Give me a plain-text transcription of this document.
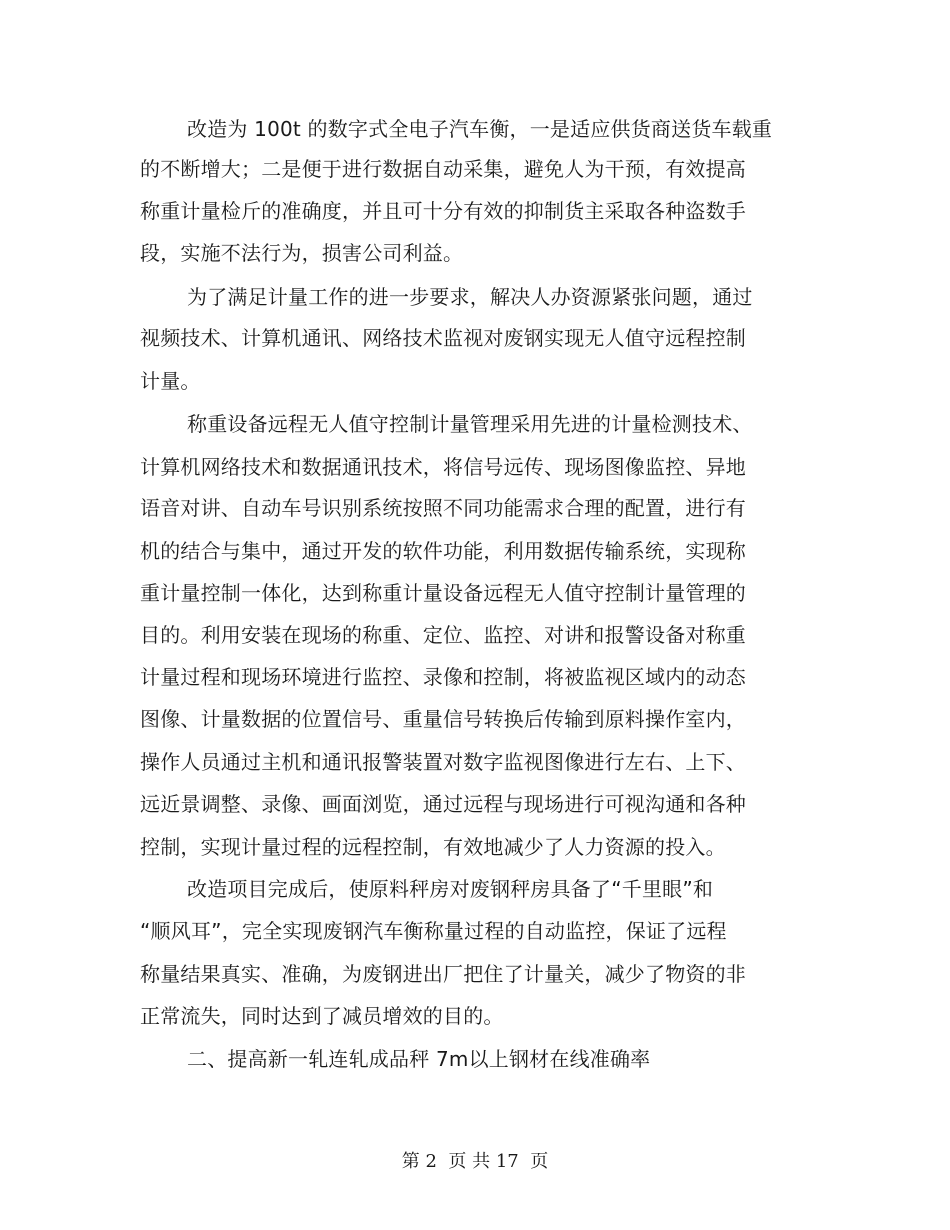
改造为 100t 的数字式全电子汽车衡，一是适应供货商送货车载重
的不断增大；二是便于进行数据自动采集，避免人为干预，有效提高
称重计量检斤的准确度，并且可十分有效的抑制货主采取各种盗数手
段，实施不法行为，损害公司利益。
为了满足计量工作的进一步要求，解决人办资源紧张问题，通过
视频技术、计算机通讯、网络技术监视对废钢实现无人值守远程控制
计量。
称重设备远程无人值守控制计量管理采用先进的计量检测技术、
计算机网络技术和数据通讯技术，将信号远传、现场图像监控、异地
语音对讲、自动车号识别系统按照不同功能需求合理的配置，进行有
机的结合与集中，通过开发的软件功能，利用数据传输系统，实现称
重计量控制一体化，达到称重计量设备远程无人值守控制计量管理的
目的。利用安装在现场的称重、定位、监控、对讲和报警设备对称重
计量过程和现场环境进行监控、录像和控制，将被监视区域内的动态
图像、计量数据的位置信号、重量信号转换后传输到原料操作室内，
操作人员通过主机和通讯报警装置对数字监视图像进行左右、上下、
远近景调整、录像、画面浏览，通过远程与现场进行可视沟通和各种
控制，实现计量过程的远程控制，有效地减少了人力资源的投入。
改造项目完成后，使原料秤房对废钢秤房具备了“千里眼”和
“顺风耳”，完全实现废钢汽车衡称量过程的自动监控，保证了远程
称量结果真实、准确，为废钢进出厂把住了计量关，减少了物资的非
正常流失，同时达到了减员增效的目的。
二、提高新一轧连轧成品秤 7m以上钢材在线准确率
第 2  页 共 17  页
